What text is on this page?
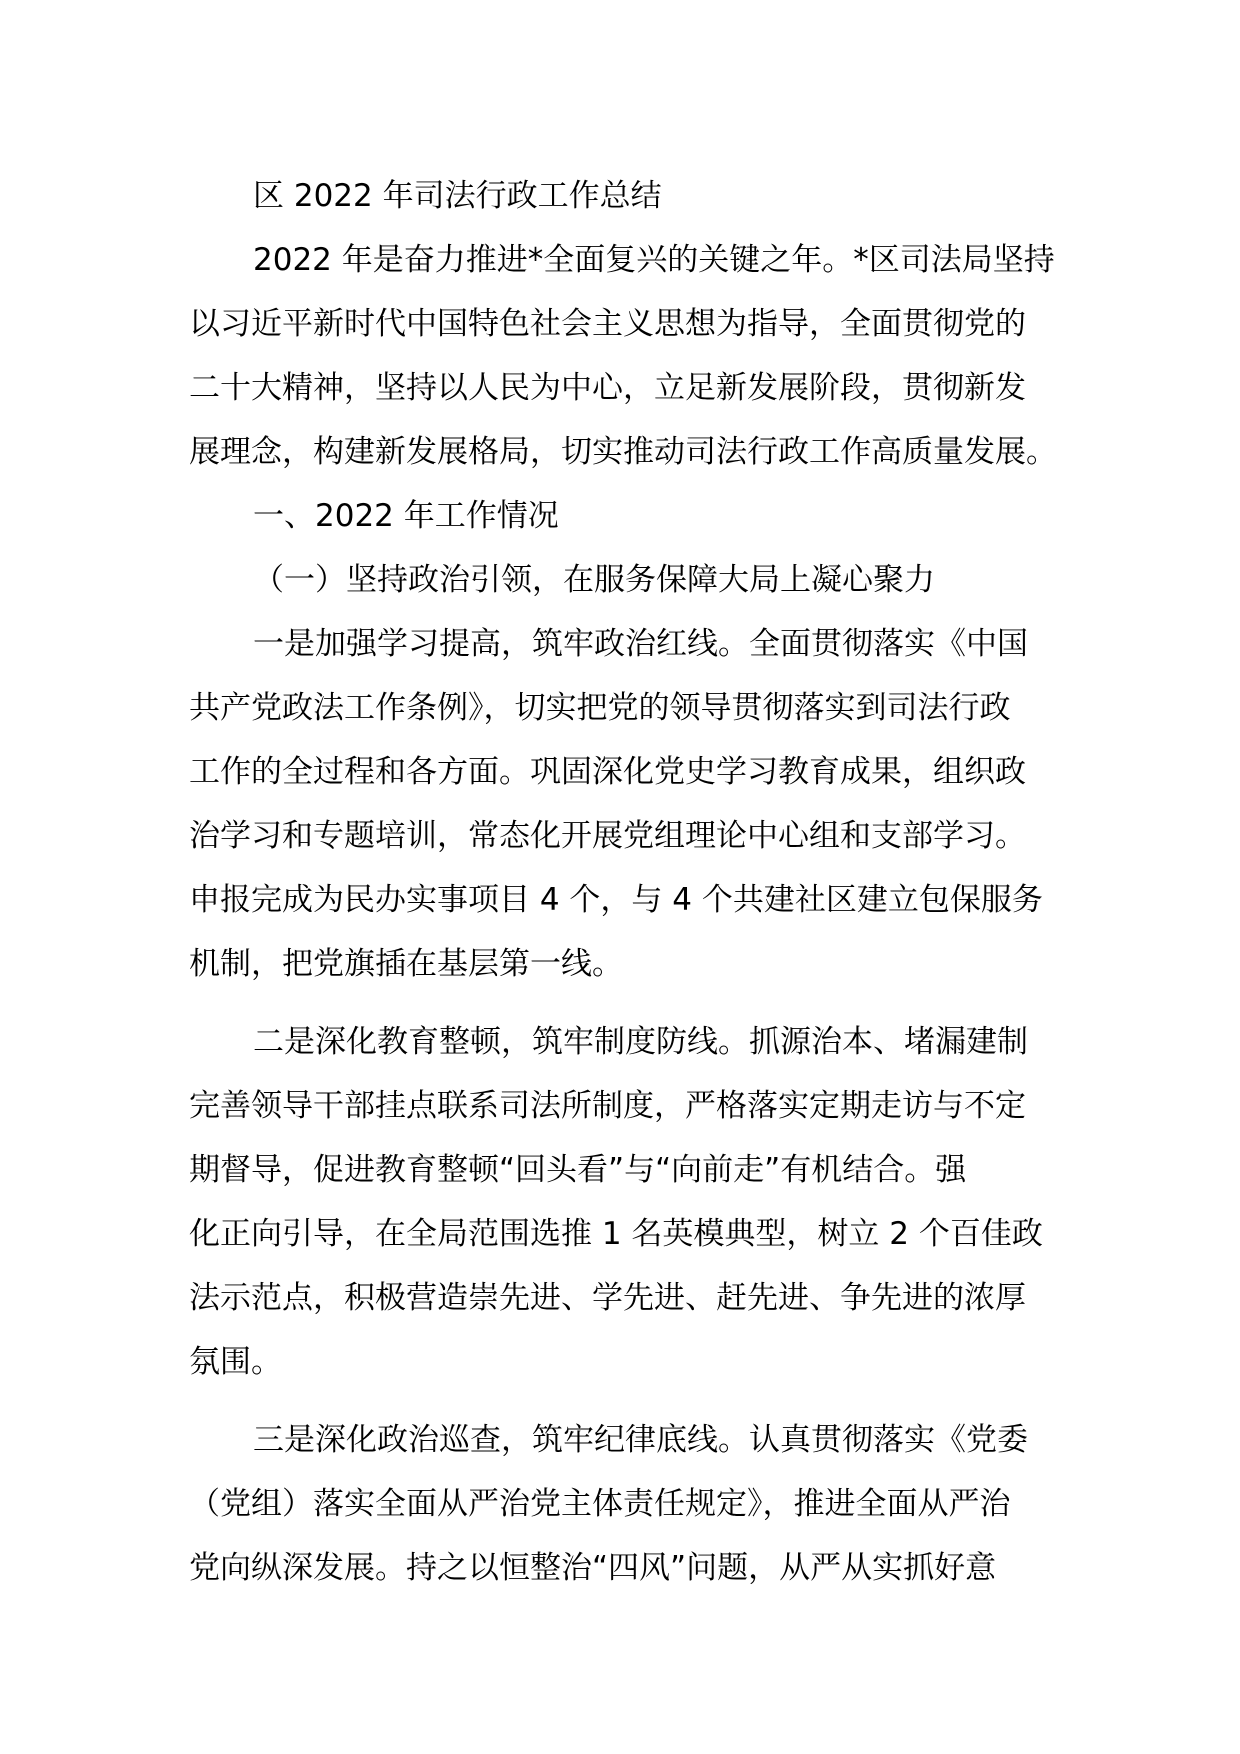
区 2022 年司法行政工作总结
2022 年是奋力推进*全面复兴的关键之年。*区司法局坚持
以习近平新时代中国特色社会主义思想为指导，全面贯彻党的
二十大精神，坚持以人民为中心，立足新发展阶段，贯彻新发
展理念，构建新发展格局，切实推动司法行政工作高质量发展。
一、2022 年工作情况
（一）坚持政治引领，在服务保障大局上凝心聚力
一是加强学习提高，筑牢政治红线。全面贯彻落实《中国
共产党政法工作条例》，切实把党的领导贯彻落实到司法行政
工作的全过程和各方面。巩固深化党史学习教育成果，组织政
治学习和专题培训，常态化开展党组理论中心组和支部学习。
申报完成为民办实事项目 4 个，与 4 个共建社区建立包保服务
机制，把党旗插在基层第一线。
二是深化教育整顿，筑牢制度防线。抓源治本、堵漏建制
完善领导干部挂点联系司法所制度，严格落实定期走访与不定
期督导，促进教育整顿“回头看”与“向前走”有机结合。强
化正向引导，在全局范围选推 1 名英模典型，树立 2 个百佳政
法示范点，积极营造崇先进、学先进、赶先进、争先进的浓厚
氛围。
三是深化政治巡查，筑牢纪律底线。认真贯彻落实《党委
（党组）落实全面从严治党主体责任规定》，推进全面从严治
党向纵深发展。持之以恒整治“四风”问题，从严从实抓好意
